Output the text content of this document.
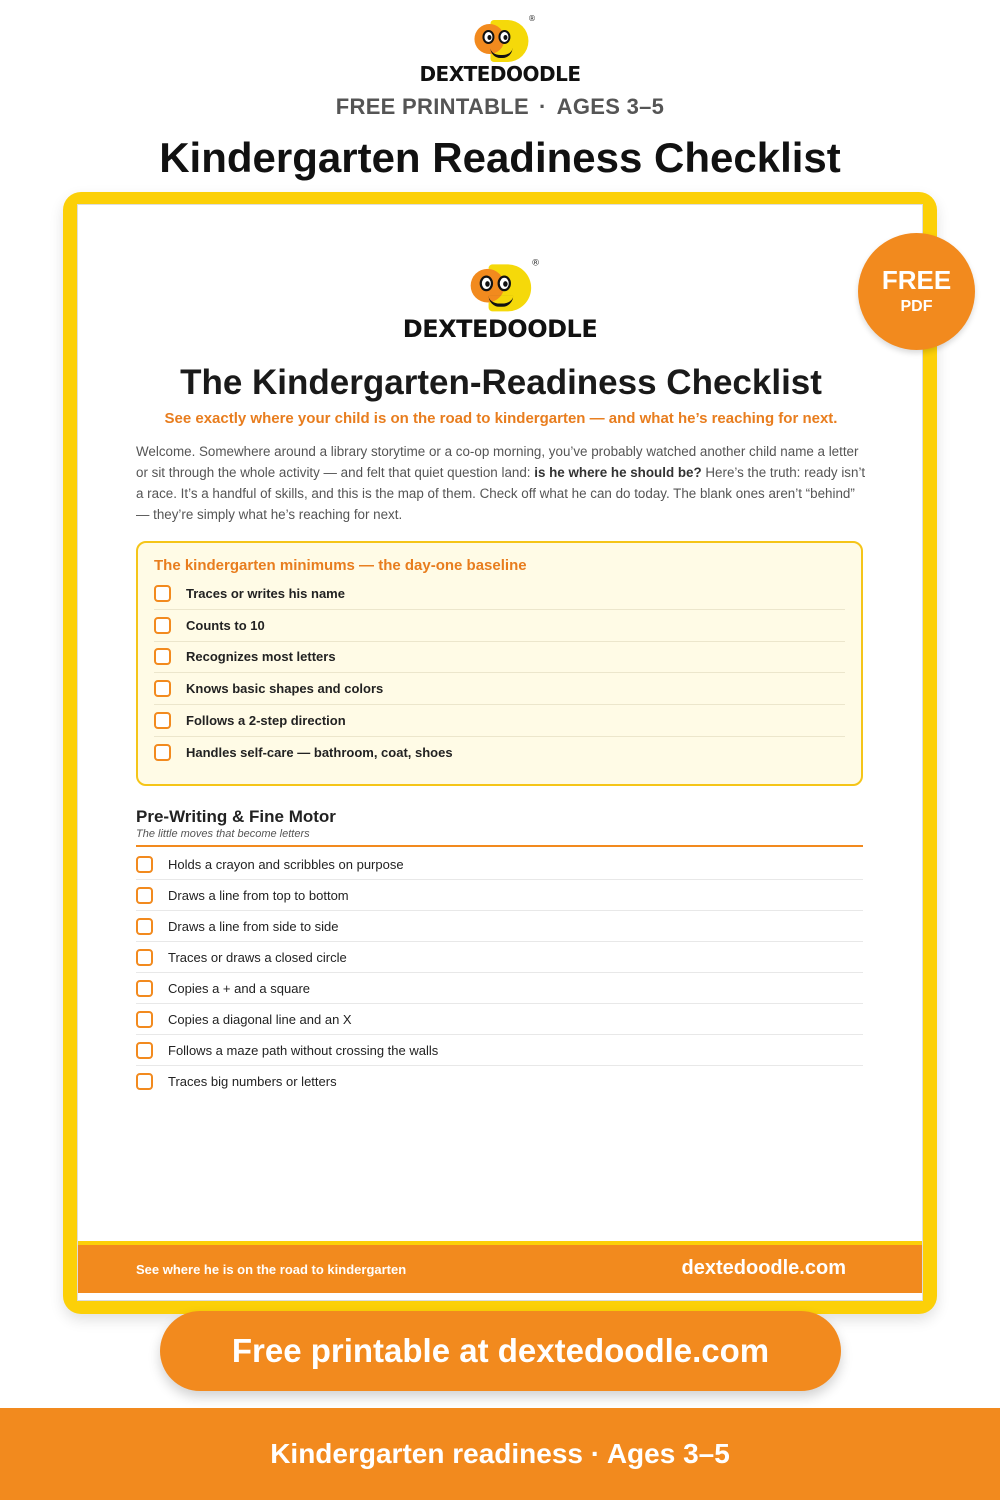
®
DEXTEDOODLE
FREE PRINTABLE · AGES 3–5
Kindergarten Readiness Checklist
®
DEXTEDOODLE
The Kindergarten-Readiness Checklist
See exactly where your child is on the road to kindergarten — and what he’s reaching for next.

Welcome. Somewhere around a library storytime or a co-op morning, you’ve probably watched another child name a letter or sit through the whole activity — and felt that quiet question land: is he where he should be? Here’s the truth: ready isn’t a race. It’s a handful of skills, and this is the map of them. Check off what he can do today. The blank ones aren’t “behind” — they’re simply what he’s reaching for next.

The kindergarten minimums — the day-one baseline
Traces or writes his name
Counts to 10
Recognizes most letters
Knows basic shapes and colors
Follows a 2-step direction
Handles self-care — bathroom, coat, shoes
Pre-Writing & Fine Motor
The little moves that become letters
Holds a crayon and scribbles on purpose
Draws a line from top to bottom
Draws a line from side to side
Traces or draws a closed circle
Copies a + and a square
Copies a diagonal line and an X
Follows a maze path without crossing the walls
Traces big numbers or letters
See where he is on the road to kindergarten	dextedoodle.com
FREE
PDF
Free printable at dextedoodle.com
Kindergarten readiness · Ages 3–5
